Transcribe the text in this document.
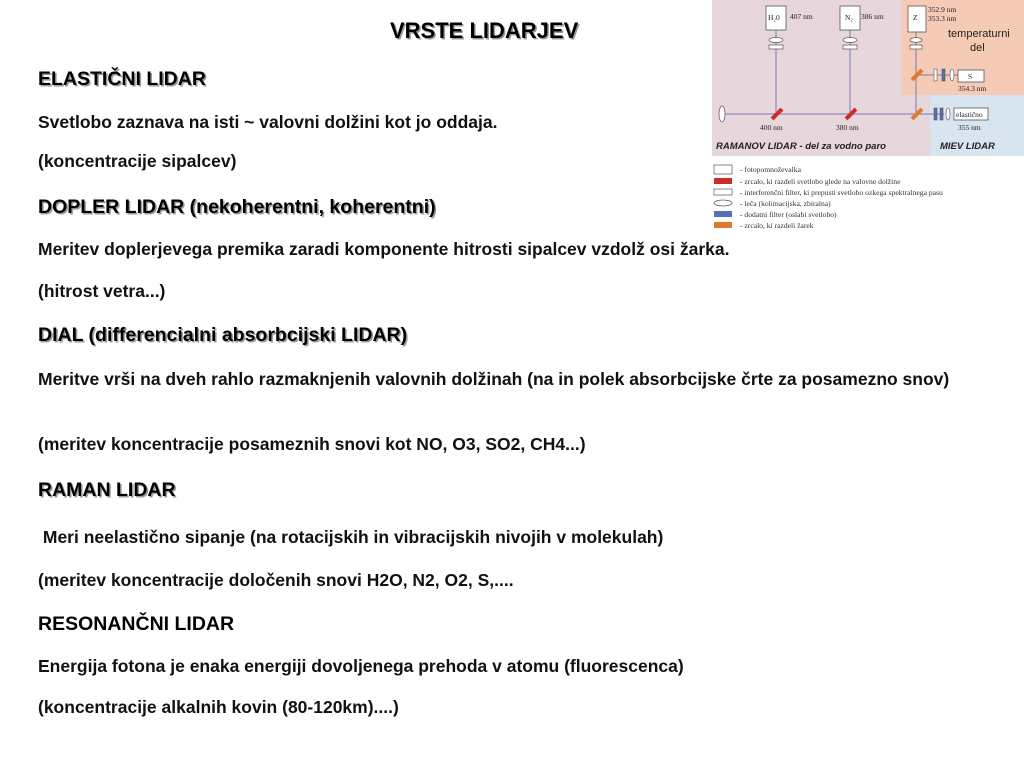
VRSTE LIDARJEV
ELASTIČNI LIDAR
Svetlobo zaznava na isti ~ valovni dolžini kot jo oddaja.
(koncentracije sipalcev)
DOPLER LIDAR (nekoherentni, koherentni)
Meritev doplerjevega premika zaradi komponente hitrosti sipalcev vzdolž osi žarka.
(hitrost vetra...)
DIAL (differencialni absorbcijski LIDAR)
Meritve vrši na dveh rahlo razmaknjenih valovnih dolžinah (na in polek absorbcijske črte za posamezno snov)
(meritev koncentracije posameznih snovi kot NO, O3, SO2, CH4...)
RAMAN LIDAR
Meri neelastično sipanje (na rotacijskih in vibracijskih nivojih v molekulah)
(meritev koncentracije določenih snovi H2O, N2, O2, S,....
RESONANČNI LIDAR
Energija fotona je enaka energiji dovoljenega prehoda v atomu (fluorescenca)
(koncentracije alkalnih kovin (80-120km)....)
H₂0 407 nm	N₂ 386 nm	Z
352.9 nm
353.3 nm
temperaturni
del
S
354.3 nm
elastično
355 nm
400 nm	380 nm
RAMANOV LIDAR - del za vodno paro	MIEV LIDAR
- fotopomnoževalka
- zrcalo, ki razdeli svetlobo glede na valovne dolžine
- interferenčni filter, ki prepusti svetlobo ozkega spektralnega pasu
- leča (kolimacijska, zbiralna)
- dodatni filter (oslabi svetlobo)
- zrcalo, ki razdeli žarek
